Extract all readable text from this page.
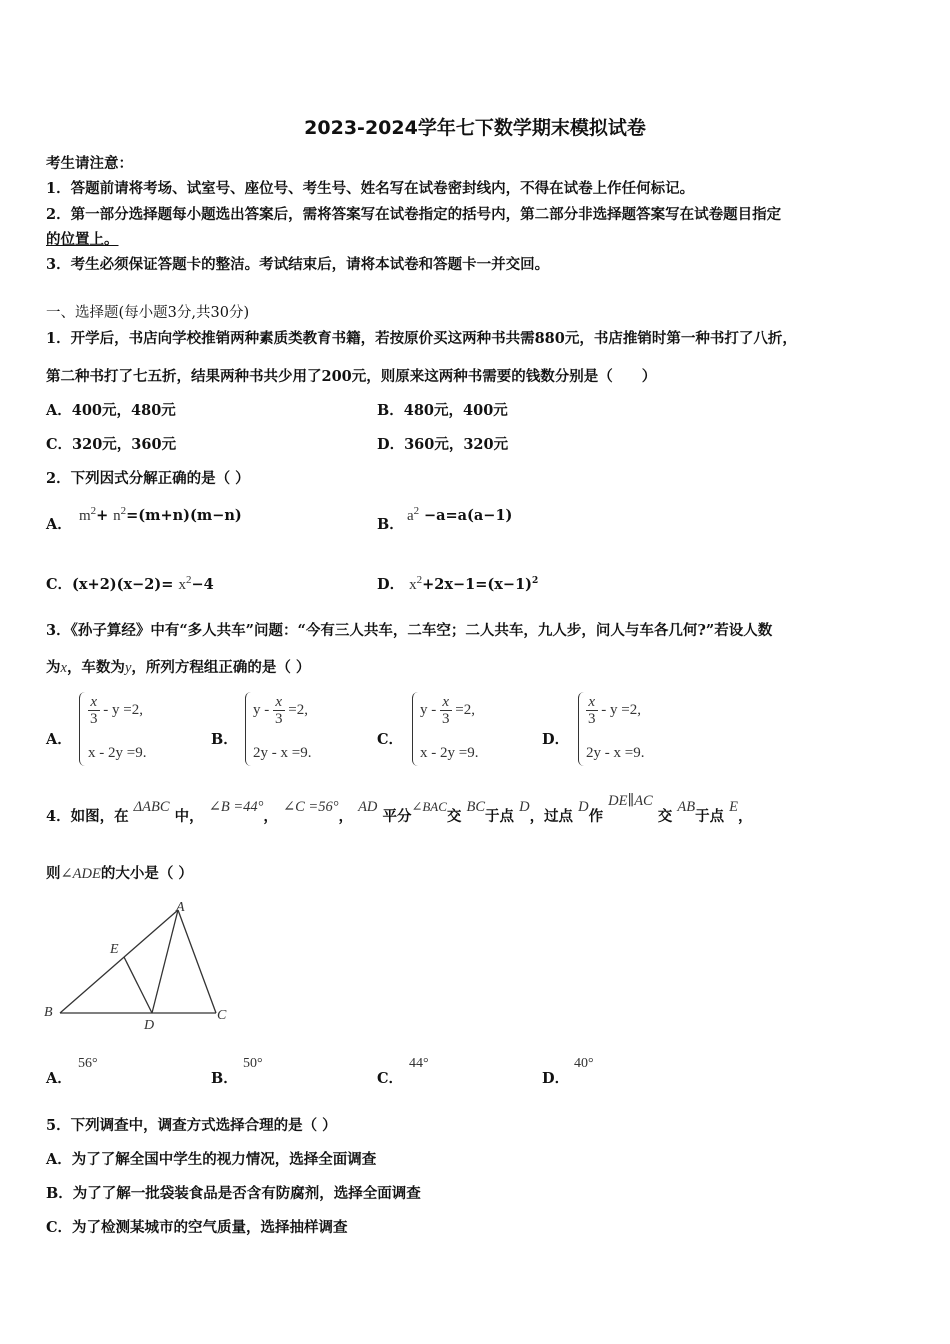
2023-2024学年七下数学期末模拟试卷
考生请注意：
1．答题前请将考场、试室号、座位号、考生号、姓名写在试卷密封线内，不得在试卷上作任何标记。
2．第一部分选择题每小题选出答案后，需将答案写在试卷指定的括号内，第二部分非选择题答案写在试卷题目指定
的位置上。
3．考生必须保证答题卡的整洁。考试结束后，请将本试卷和答题卡一并交回。
一、选择题(每小题3分,共30分)
1．开学后，书店向学校推销两种素质类教育书籍，若按原价买这两种书共需880元，书店推销时第一种书打了八折，
第二种书打了七五折，结果两种书共少用了200元，则原来这两种书需要的钱数分别是（　　）
A．400元，480元	B．480元，400元
C．320元，360元	D．360元，320元
2．下列因式分解正确的是（ ）
A． $m^2+ n^2=(m+n)(m-n)$
B． $a^2 -a=a(a-1)$
C．$(x+2)(x-2)= x^2-4$	D． $x^2+2x-1=(x-1)^2$
3．《孙子算经》中有“多人共车”问题：“今有三人共车，二车空；二人共车，九人步，问人与车各几何?”若设人数
为x，车数为y，所列方程组正确的是（ ）
A．
$\frac{x}{3} - y =2$,
x - 2y =9.
B．
$y - \frac{x}{3} =2$,
2y - x =9.
C．
$y - \frac{x}{3} =2$,
x - 2y =9.
D．
$\frac{x}{3} - y =2$,
2y - x =9.
4．如图，在 ΔABC 中， ∠B =44°， ∠C =56°， AD 平分∠BAC交 BC于点 D，过点 D作 DE∥AC 交 AB于点 E，
则∠ADE的大小是（ ）
A
B	C
D
E
A．
56°
B．
50°
C．
44°
D．
40°
5．下列调查中，调查方式选择合理的是（ ）
A．为了了解全国中学生的视力情况，选择全面调查
B．为了了解一批袋装食品是否含有防腐剂，选择全面调查
C．为了检测某城市的空气质量，选择抽样调查
